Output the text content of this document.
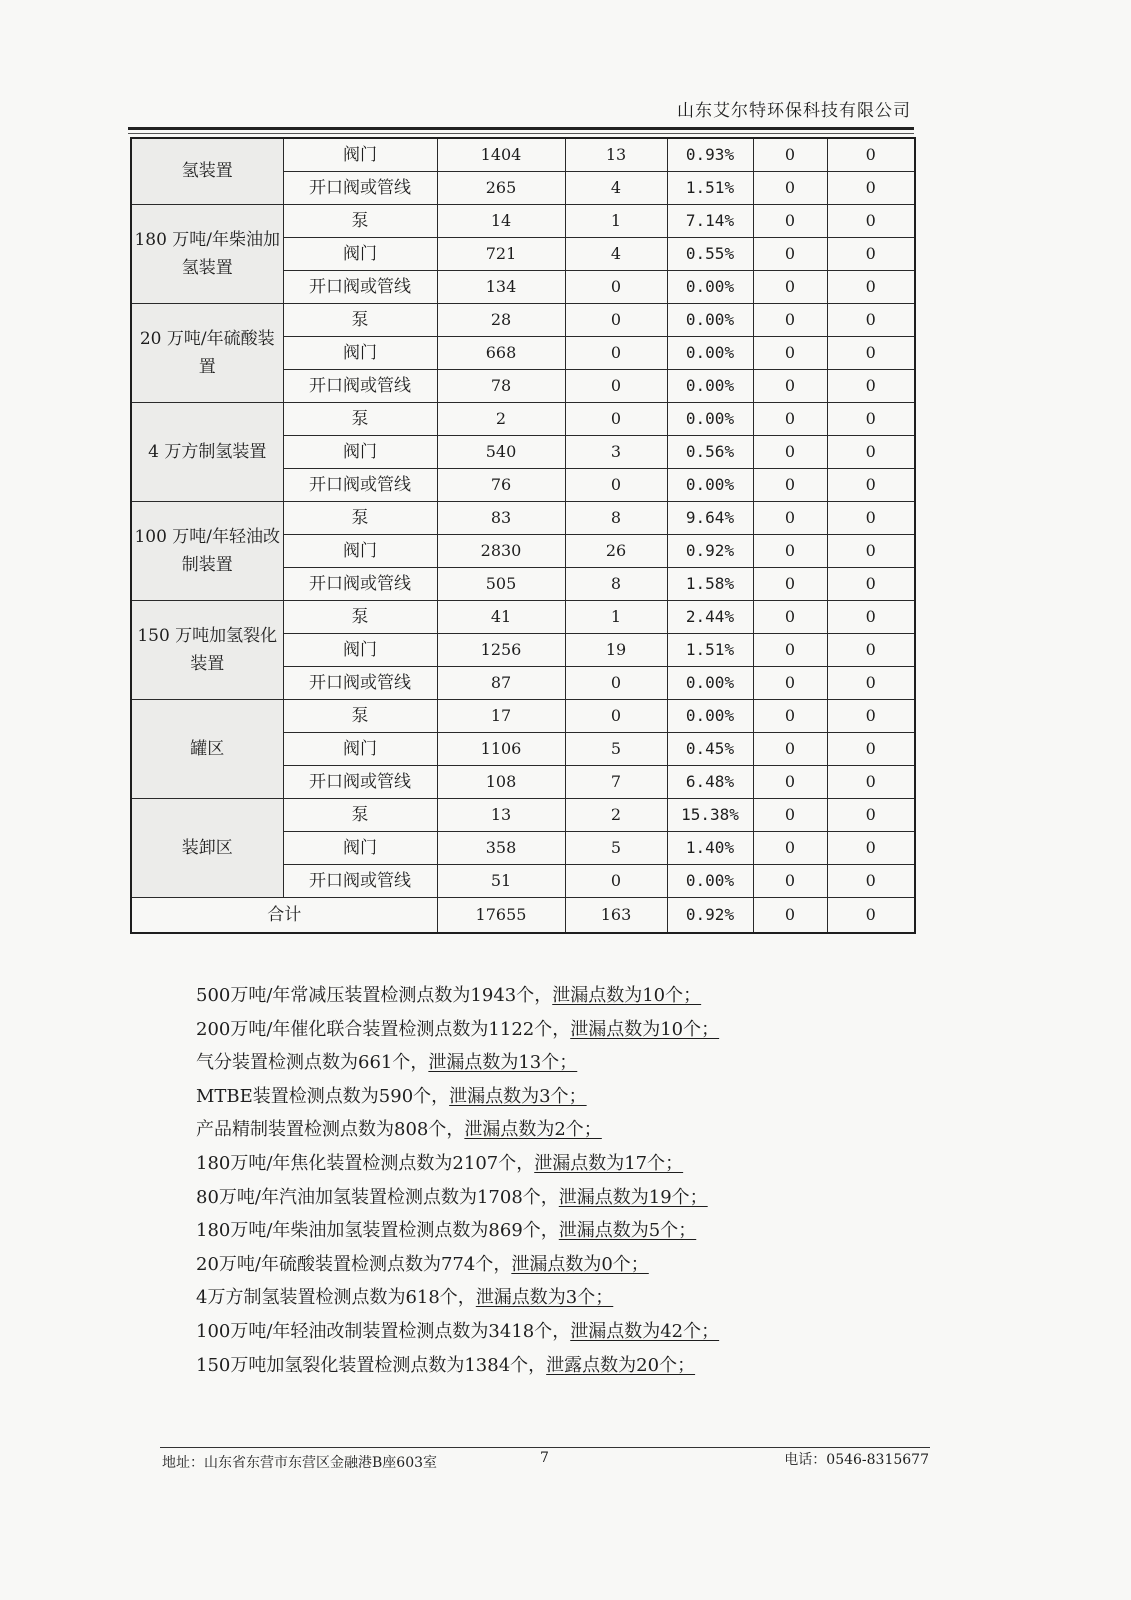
山东艾尔特环保科技有限公司
氢装置	阀门	1404	13	0.93%	0	0
	开口阀或管线	265	4	1.51%	0	0
180 万吨/年柴油加氢装置	泵	14	1	7.14%	0	0
	阀门	721	4	0.55%	0	0
	开口阀或管线	134	0	0.00%	0	0
20 万吨/年硫酸装置	泵	28	0	0.00%	0	0
	阀门	668	0	0.00%	0	0
	开口阀或管线	78	0	0.00%	0	0
4 万方制氢装置	泵	2	0	0.00%	0	0
	阀门	540	3	0.56%	0	0
	开口阀或管线	76	0	0.00%	0	0
100 万吨/年轻油改制装置	泵	83	8	9.64%	0	0
	阀门	2830	26	0.92%	0	0
	开口阀或管线	505	8	1.58%	0	0
150 万吨加氢裂化装置	泵	41	1	2.44%	0	0
	阀门	1256	19	1.51%	0	0
	开口阀或管线	87	0	0.00%	0	0
罐区	泵	17	0	0.00%	0	0
	阀门	1106	5	0.45%	0	0
	开口阀或管线	108	7	6.48%	0	0
装卸区	泵	13	2	15.38%	0	0
	阀门	358	5	1.40%	0	0
	开口阀或管线	51	0	0.00%	0	0
合计		17655	163	0.92%	0	0
500万吨/年常减压装置检测点数为1943个，泄漏点数为10个；
200万吨/年催化联合装置检测点数为1122个，泄漏点数为10个；
气分装置检测点数为661个，泄漏点数为13个；
MTBE装置检测点数为590个，泄漏点数为3个；
产品精制装置检测点数为808个，泄漏点数为2个；
180万吨/年焦化装置检测点数为2107个，泄漏点数为17个；
80万吨/年汽油加氢装置检测点数为1708个，泄漏点数为19个；
180万吨/年柴油加氢装置检测点数为869个，泄漏点数为5个；
20万吨/年硫酸装置检测点数为774个，泄漏点数为0个；
4万方制氢装置检测点数为618个，泄漏点数为3个；
100万吨/年轻油改制装置检测点数为3418个，泄漏点数为42个；
150万吨加氢裂化装置检测点数为1384个，泄露点数为20个；
地址：山东省东营市东营区金融港B座603室	7	电话：0546-8315677
